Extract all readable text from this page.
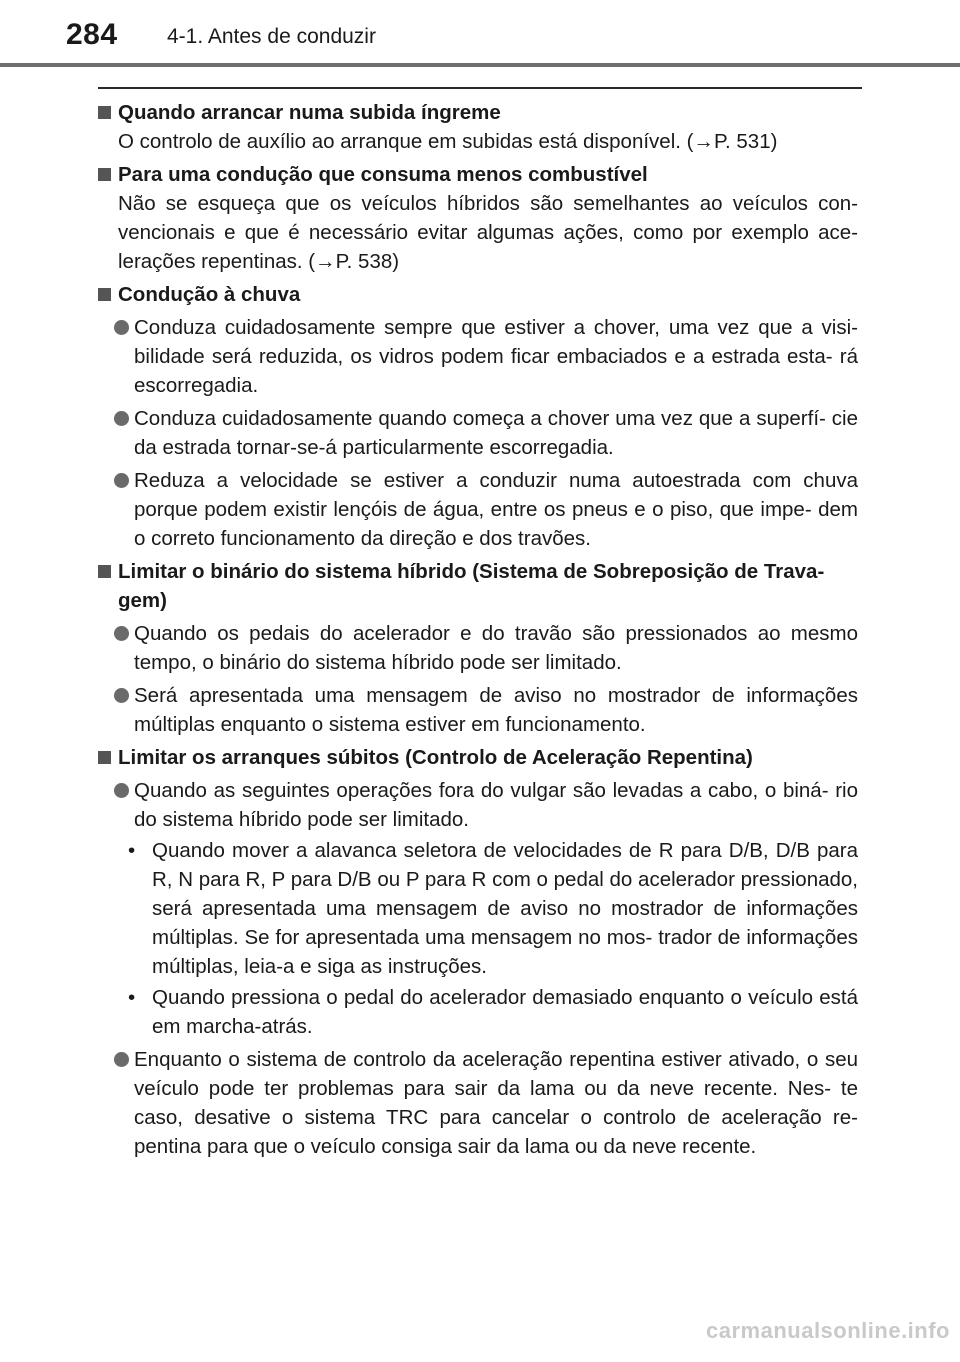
284 4-1. Antes de conduzir
Quando arrancar numa subida íngreme
O controlo de auxílio ao arranque em subidas está disponível. (→P. 531)
Para uma condução que consuma menos combustível
Não se esqueça que os veículos híbridos são semelhantes ao veículos con- vencionais e que é necessário evitar algumas ações, como por exemplo ace- lerações repentinas. (→P. 538)
Condução à chuva
Conduza cuidadosamente sempre que estiver a chover, uma vez que a visi- bilidade será reduzida, os vidros podem ficar embaciados e a estrada esta- rá escorregadia.
Conduza cuidadosamente quando começa a chover uma vez que a superfí- cie da estrada tornar-se-á particularmente escorregadia.
Reduza a velocidade se estiver a conduzir numa autoestrada com chuva porque podem existir lençóis de água, entre os pneus e o piso, que impe- dem o correto funcionamento da direção e dos travões.
Limitar o binário do sistema híbrido (Sistema de Sobreposição de Trava- gem)
Quando os pedais do acelerador e do travão são pressionados ao mesmo tempo, o binário do sistema híbrido pode ser limitado.
Será apresentada uma mensagem de aviso no mostrador de informações múltiplas enquanto o sistema estiver em funcionamento.
Limitar os arranques súbitos (Controlo de Aceleração Repentina)
Quando as seguintes operações fora do vulgar são levadas a cabo, o biná- rio do sistema híbrido pode ser limitado.
• Quando mover a alavanca seletora de velocidades de R para D/B, D/B para R, N para R, P para D/B ou P para R com o pedal do acelerador pressionado, será apresentada uma mensagem de aviso no mostrador de informações múltiplas. Se for apresentada uma mensagem no mos- trador de informações múltiplas, leia-a e siga as instruções.
• Quando pressiona o pedal do acelerador demasiado enquanto o veículo está em marcha-atrás.
Enquanto o sistema de controlo da aceleração repentina estiver ativado, o seu veículo pode ter problemas para sair da lama ou da neve recente. Nes- te caso, desative o sistema TRC para cancelar o controlo de aceleração re- pentina para que o veículo consiga sair da lama ou da neve recente.
carmanualsonline.info
